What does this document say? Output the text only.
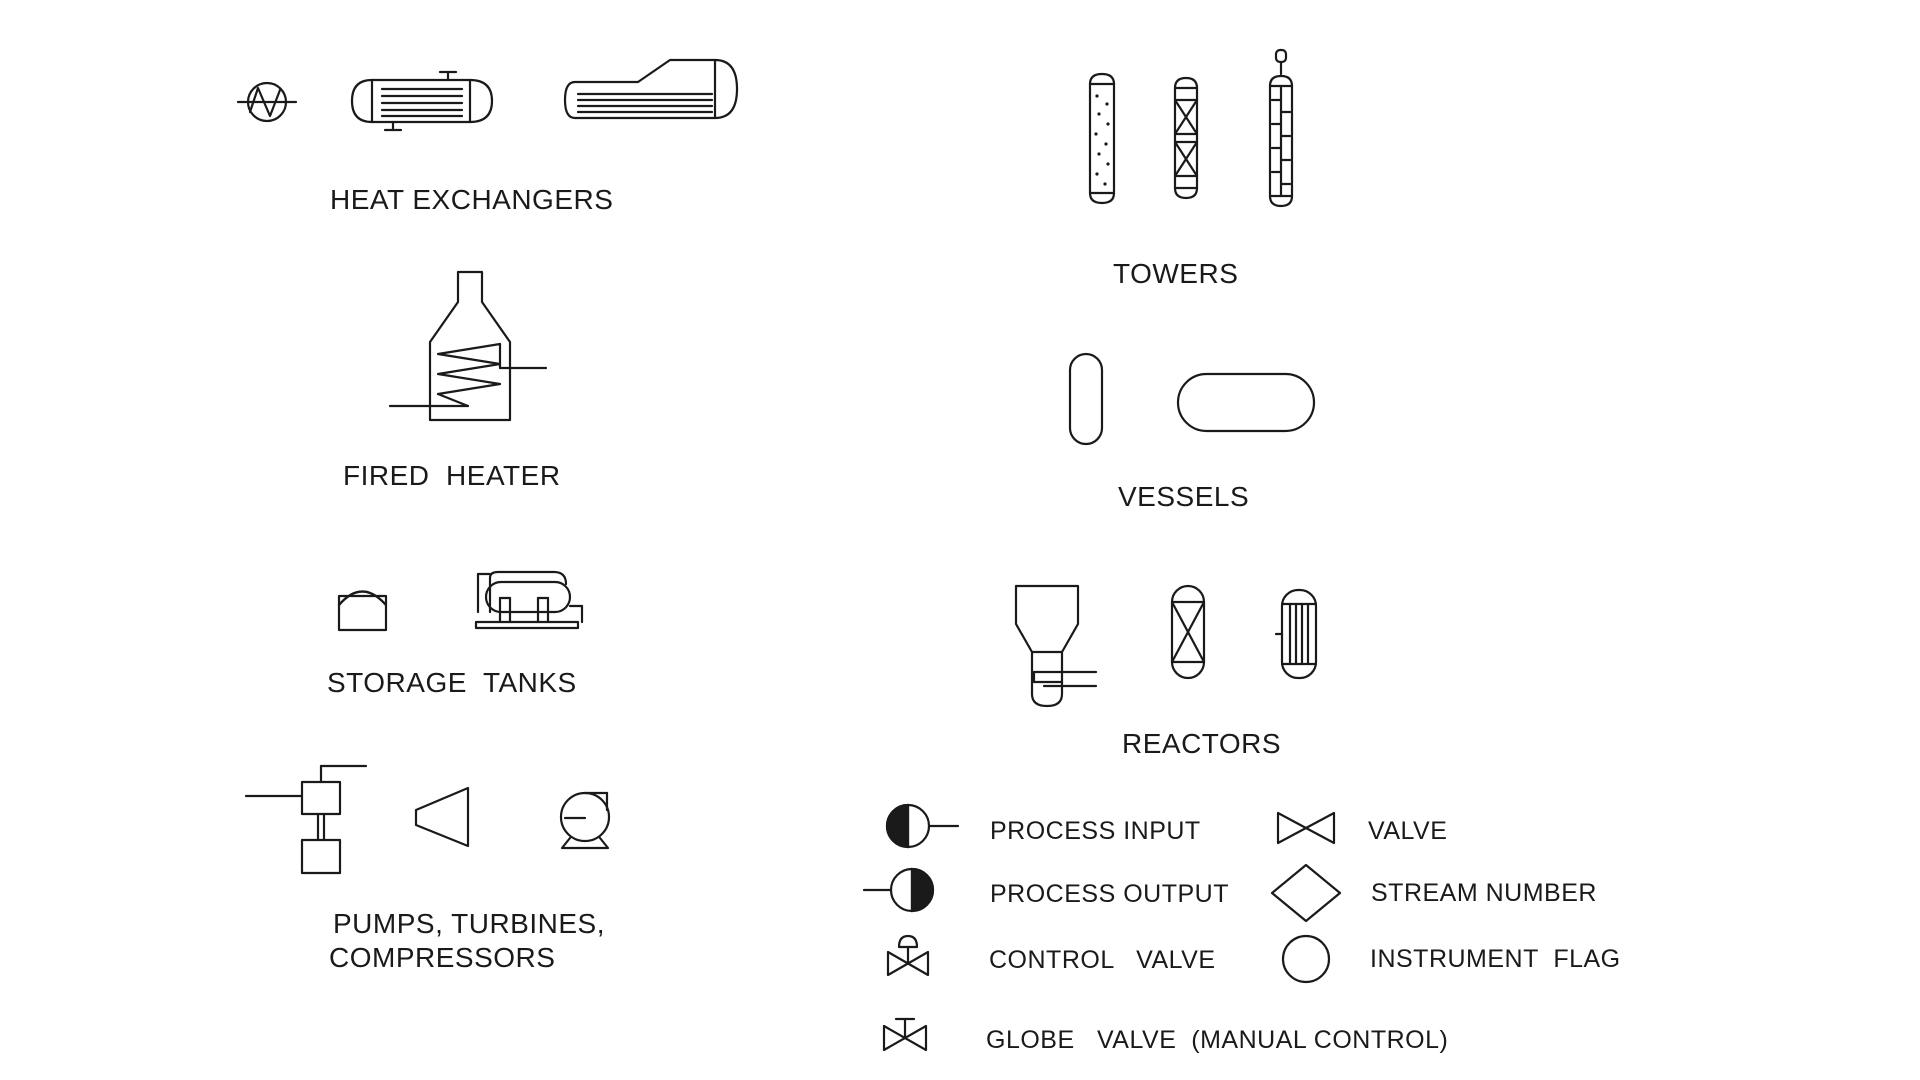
HEAT EXCHANGERS
TOWERS
FIRED  HEATER
VESSELS
STORAGE  TANKS
REACTORS
PUMPS, TURBINES,
COMPRESSORS
PROCESS INPUT
PROCESS OUTPUT
CONTROL   VALVE
GLOBE   VALVE  (MANUAL CONTROL)
VALVE
STREAM NUMBER
INSTRUMENT  FLAG
